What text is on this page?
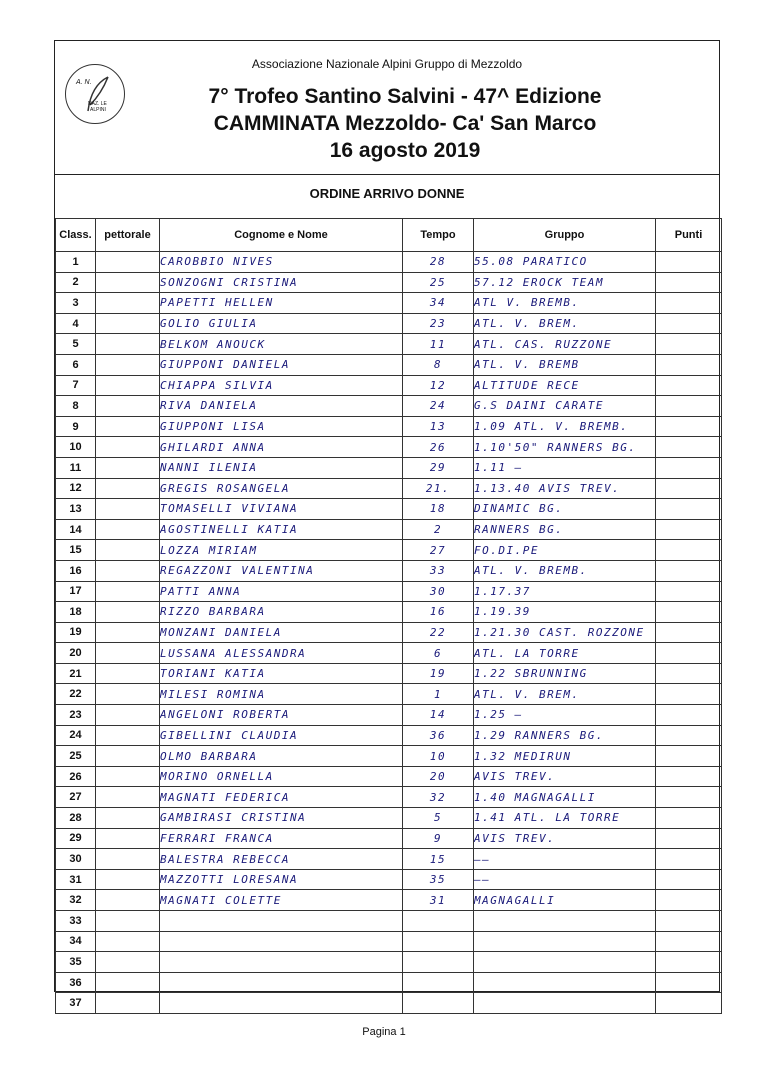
A. N.
NAZ. LE
ALPINI
Associazione Nazionale Alpini Gruppo di Mezzoldo
7° Trofeo Santino Salvini - 47^ Edizione
CAMMINATA Mezzoldo- Ca' San Marco
16 agosto 2019
ORDINE ARRIVO DONNE
Class.	pettorale	Cognome e Nome	Tempo	Gruppo	Punti
1		CAROBBIO NIVES	28	55.08 PARATICO	
2		SONZOGNI CRISTINA	25	57.12 EROCK TEAM	
3		PAPETTI HELLEN	34	ATL V. BREMB.	
4		GOLIO GIULIA	23	ATL. V. BREM.	
5		BELKOM ANOUCK	11	ATL. CAS. RUZZONE	
6		GIUPPONI DANIELA	8	ATL. V. BREMB	
7		CHIAPPA SILVIA	12	ALTITUDE RECE	
8		RIVA DANIELA	24	G.S DAINI CARATE	
9		GIUPPONI LISA	13	1.09 ATL. V. BREMB.	
10		GHILARDI ANNA	26	1.10'50" RANNERS BG.	
11		NANNI ILENIA	29	1.11 —	
12		GREGIS ROSANGELA	21.	1.13.40 AVIS TREV.	
13		TOMASELLI VIVIANA	18	DINAMIC BG.	
14		AGOSTINELLI KATIA	2	RANNERS BG.	
15		LOZZA MIRIAM	27	FO.DI.PE	
16		REGAZZONI VALENTINA	33	ATL. V. BREMB.	
17		PATTI ANNA	30	1.17.37	
18		RIZZO BARBARA	16	1.19.39	
19		MONZANI DANIELA	22	1.21.30 CAST. ROZZONE	
20		LUSSANA ALESSANDRA	6	ATL. LA TORRE	
21		TORIANI KATIA	19	1.22 SBRUNNING	
22		MILESI ROMINA	1	ATL. V. BREM.	
23		ANGELONI ROBERTA	14	1.25 —	
24		GIBELLINI CLAUDIA	36	1.29 RANNERS BG.	
25		OLMO BARBARA	10	1.32 MEDIRUN	
26		MORINO ORNELLA	20	AVIS TREV.	
27		MAGNATI FEDERICA	32	1.40 MAGNAGALLI	
28		GAMBIRASI CRISTINA	5	1.41 ATL. LA TORRE	
29		FERRARI FRANCA	9	AVIS TREV.	
30		BALESTRA REBECCA	15	——	
31		MAZZOTTI LORESANA	35	——	
32		MAGNATI COLETTE	31	MAGNAGALLI	
33					
34					
35					
36					
37					
Pagina 1
